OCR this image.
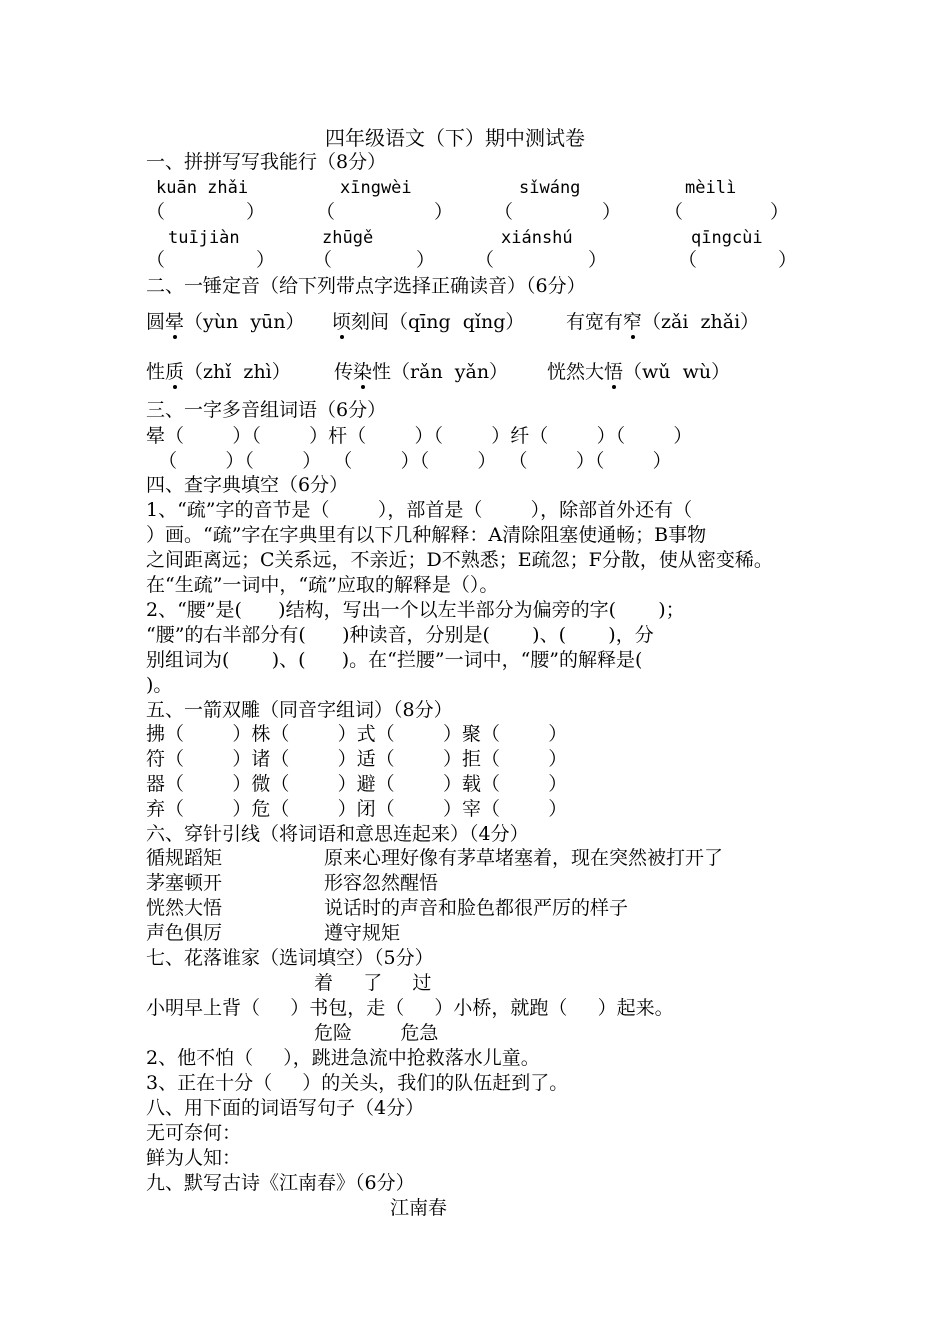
四年级语文（下）期中测试卷
一、拼拼写写我能行（8分）
kuān zhǎi	xīngwèi	sǐwáng	mèilì
（	）	（	） （	） （	）
tuījiàn	zhūgě	xiánshú	qīngcùi
（	） （	） （	）	（	）
二、一锤定音（给下列带点字选择正确读音）（6分）
圆晕（yùn  yūn） 顷刻间（qīng  qǐng） 有宽有窄（zǎi  zhǎi）
性质（zhǐ  zhì） 传染性（rǎn  yǎn） 恍然大悟（wǔ  wù）
三、一字多音组词语（6分）
晕（        ）（        ）杆（        ）（        ）纤（        ）（        ）
（        ）（        ）  （        ）（        ）  （        ）（        ）
四、查字典填空（6分）
1、“疏”字的音节是（        ），部首是（        ），除部首外还有（
）画。“疏”字在字典里有以下几种解释：A清除阻塞使通畅；B事物
之间距离远；C关系远，不亲近；D不熟悉；E疏忽；F分散，使从密变稀。
在“生疏”一词中，“疏”应取的解释是（）。
2、“腰”是(      )结构，写出一个以左半部分为偏旁的字(       )；
“腰”的右半部分有(      )种读音，分别是(       )、(       )，分
别组词为(       )、(      )。在“拦腰”一词中，“腰”的解释是(
)。
五、一箭双雕（同音字组词）（8分）
拂（        ）株（        ）式（        ）聚（        ）
符（        ）诸（        ）适（        ）拒（        ）
器（        ）微（        ）避（        ）载（        ）
弃（        ）危（        ）闭（        ）宰（        ）
六、穿针引线（将词语和意思连起来）（4分）
循规蹈矩	原来心理好像有茅草堵塞着，现在突然被打开了
茅塞顿开	形容忽然醒悟
恍然大悟	说话时的声音和脸色都很严厉的样子
声色俱厉	遵守规矩
七、花落谁家（选词填空）（5分）
着     了     过
小明早上背（     ）书包，走（     ）小桥，就跑（     ）起来。
危险        危急
2、他不怕（     ），跳进急流中抢救落水儿童。
3、正在十分（     ）的关头，我们的队伍赶到了。
八、用下面的词语写句子（4分）
无可奈何：
鲜为人知：
九、默写古诗《江南春》（6分）
江南春
